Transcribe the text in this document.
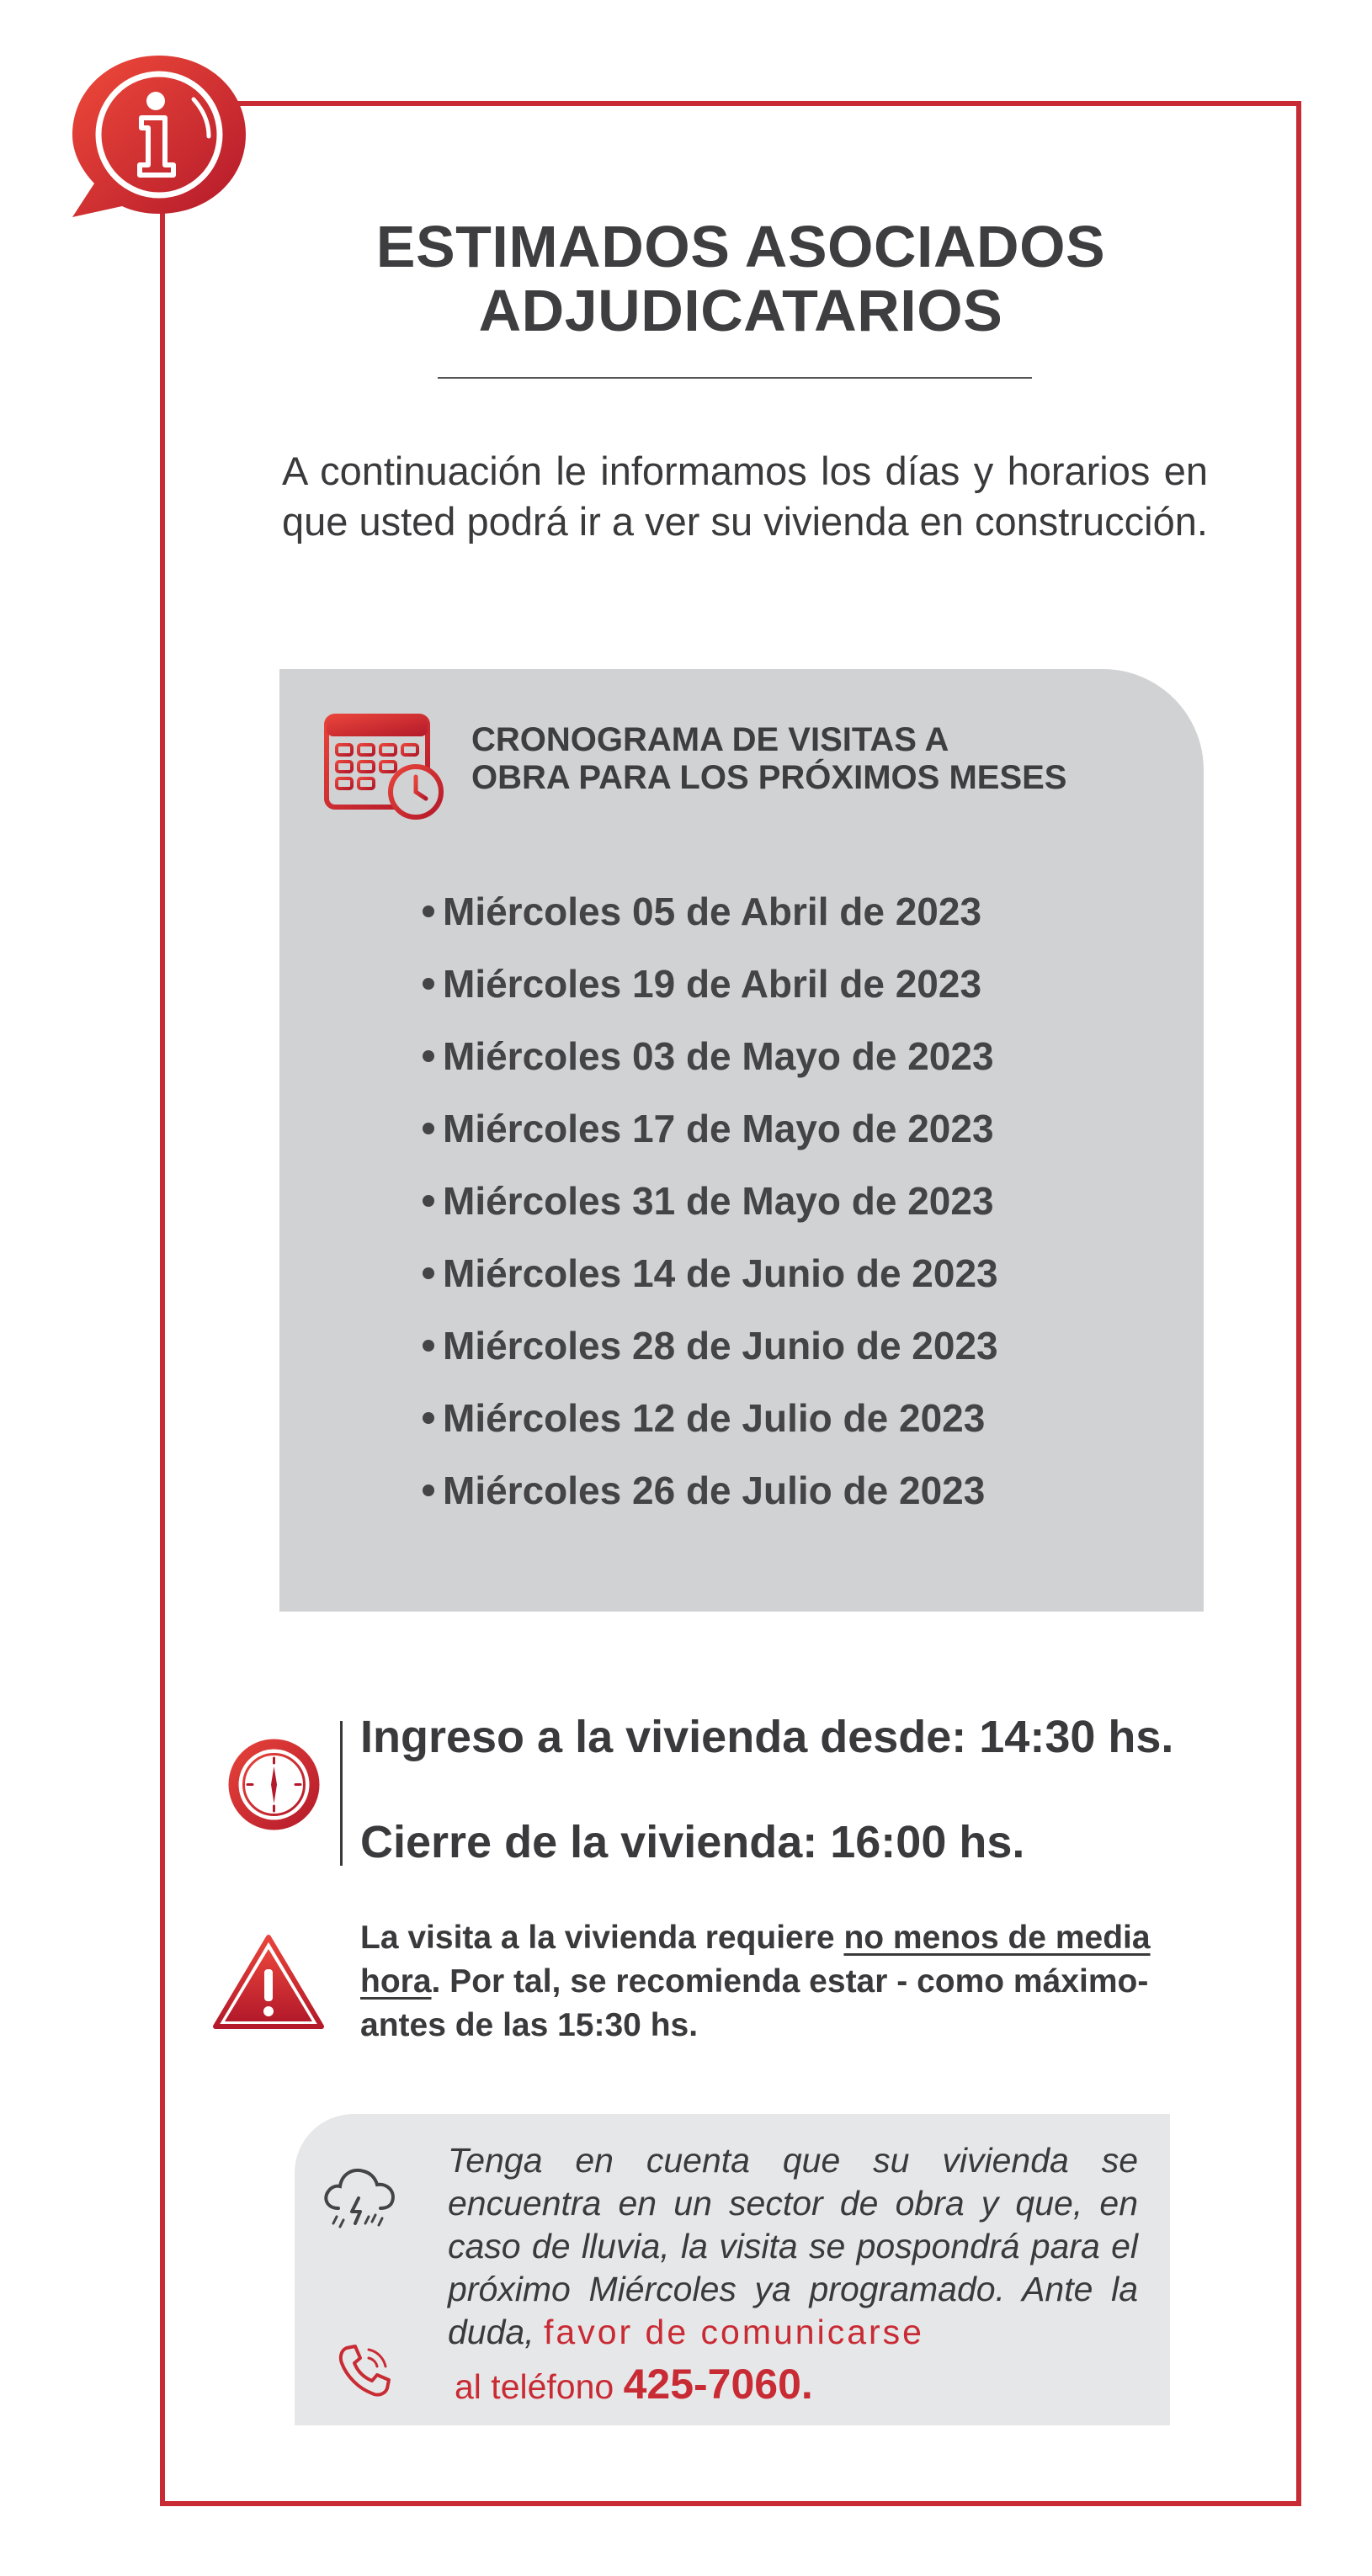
ESTIMADOS ASOCIADOS
ADJUDICATARIOS

A continuación le informamos los días y horarios en que usted podrá ir a ver su vivienda en construcción.

CRONOGRAMA DE VISITAS A
OBRA PARA LOS PRÓXIMOS MESES
Miércoles 05 de Abril de 2023
Miércoles 19 de Abril de 2023
Miércoles 03 de Mayo de 2023
Miércoles 17 de Mayo de 2023
Miércoles 31 de Mayo de 2023
Miércoles 14 de Junio de 2023
Miércoles 28 de Junio de 2023
Miércoles 12 de Julio de 2023
Miércoles 26 de Julio de 2023

Ingreso a la vivienda desde: 14:30 hs.

Cierre de la vivienda: 16:00 hs.

La visita a la vivienda requiere no menos de media hora. Por tal, se recomienda estar - como máximo- antes de las 15:30 hs.

Tenga en cuenta que su vivienda se encuentra en un sector de obra y que, en caso de lluvia, la visita se pospondrá para el próximo Miércoles ya programado. Ante la duda, favor de comunicarse

al teléfono 425-7060.
